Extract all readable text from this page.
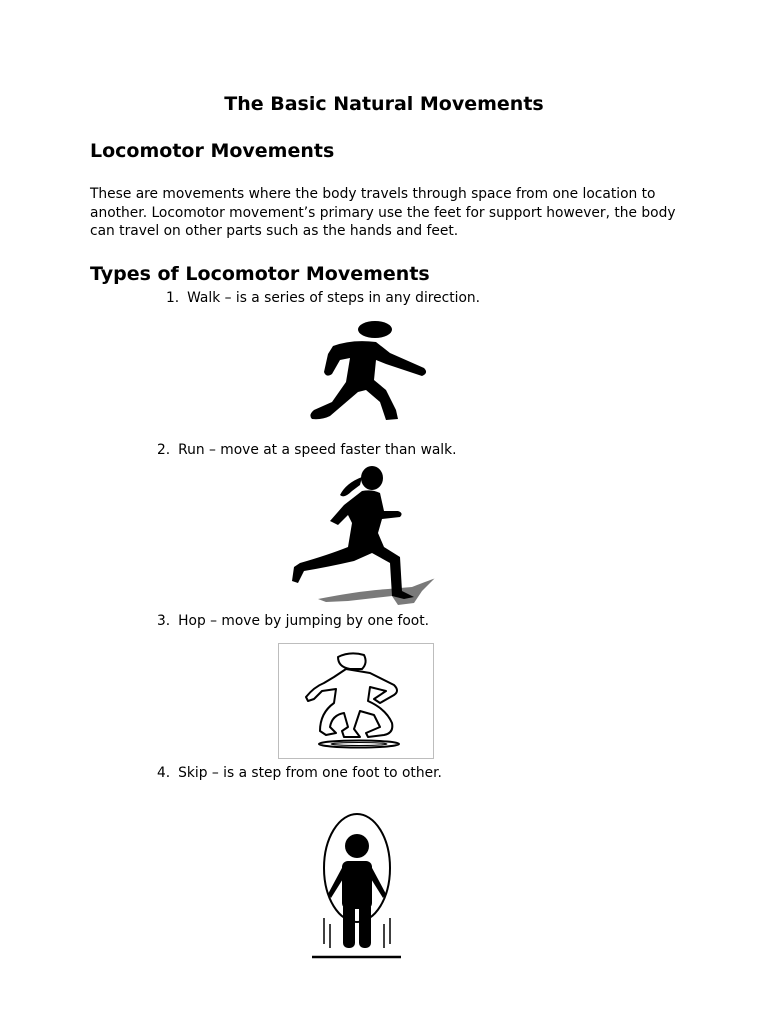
The Basic Natural Movements
Locomotor Movements
These are movements where the body travels through space from one location to another. Locomotor movement’s primary use the feet for support however, the body can travel on other parts such as the hands and feet.
Types of Locomotor Movements
1. Walk – is a series of steps in any direction.
2. Run – move at a speed faster than walk.
3. Hop – move by jumping by one foot.
4. Skip – is a step from one foot to other.
